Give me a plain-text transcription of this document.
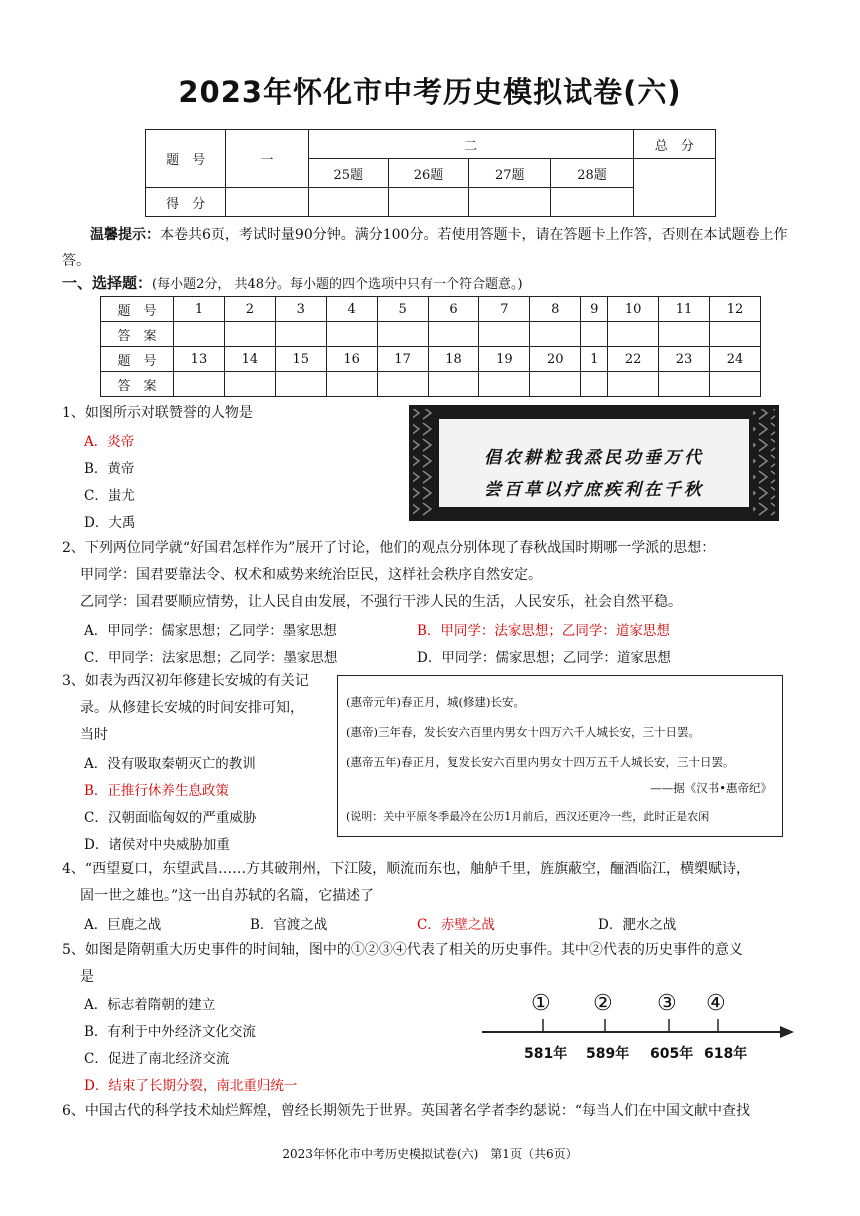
2023年怀化市中考历史模拟试卷(六)
题　号	一	二				总　分
		25题	26题	27题	28题	
得　分						
温馨提示：本卷共6页，考试时量90分钟。满分100分。若使用答题卡，请在答题卡上作答，否则在本试题卷上作答。
一、选择题：(每小题2分， 共48分。每小题的四个选项中只有一个符合题意。)
题　号	1	2	3	4	5	6	7	8	9	10	11	12
答　案												
题　号	13	14	15	16	17	18	19	20	1	22	23	24
答　案												
1、如图所示对联赞誉的人物是
A．炎帝
B．黄帝
C．蚩尤
D．大禹
倡农耕粒我烝民功垂万代
尝百草以疗庶疾利在千秋
2、下列两位同学就“好国君怎样作为”展开了讨论，他们的观点分别体现了春秋战国时期哪一学派的思想：
甲同学：国君要靠法令、权术和威势来统治臣民，这样社会秩序自然安定。
乙同学：国君要顺应情势，让人民自由发展，不强行干涉人民的生活，人民安乐，社会自然平稳。
A．甲同学：儒家思想；乙同学：墨家思想	B．甲同学：法家思想；乙同学：道家思想
C．甲同学：法家思想；乙同学：墨家思想	D．甲同学：儒家思想；乙同学：道家思想
3、如表为西汉初年修建长安城的有关记
录。从修建长安城的时间安排可知，
当时
A．没有吸取秦朝灭亡的教训
B．正推行休养生息政策
C．汉朝面临匈奴的严重威胁
D．诸侯对中央威胁加重
(惠帝元年)春正月，城(修建)长安。
(惠帝)三年春，发长安六百里内男女十四万六千人城长安，三十日罢。
(惠帝五年)春正月，复发长安六百里内男女十四万五千人城长安，三十日罢。
——据《汉书•惠帝纪》
(说明：关中平原冬季最冷在公历1月前后，西汉还更冷一些，此时正是农闲
4、“西望夏口，东望武昌……方其破荆州，下江陵，顺流而东也，舳舻千里，旌旗蔽空，酾酒临江，横槊赋诗，
固一世之雄也。”这一出自苏轼的名篇，它描述了
A．巨鹿之战	B．官渡之战	C．赤壁之战	D．淝水之战
5、如图是隋朝重大历史事件的时间轴，图中的①②③④代表了相关的历史事件。其中②代表的历史事件的意义
是
A．标志着隋朝的建立
B．有利于中外经济文化交流
C．促进了南北经济交流
D．结束了长期分裂，南北重归统一
① ② ③ ④
581年 589年 605年 618年
6、中国古代的科学技术灿烂辉煌，曾经长期领先于世界。英国著名学者李约瑟说：“每当人们在中国文献中查找
2023年怀化市中考历史模拟试卷(六)　第1页（共6页）
